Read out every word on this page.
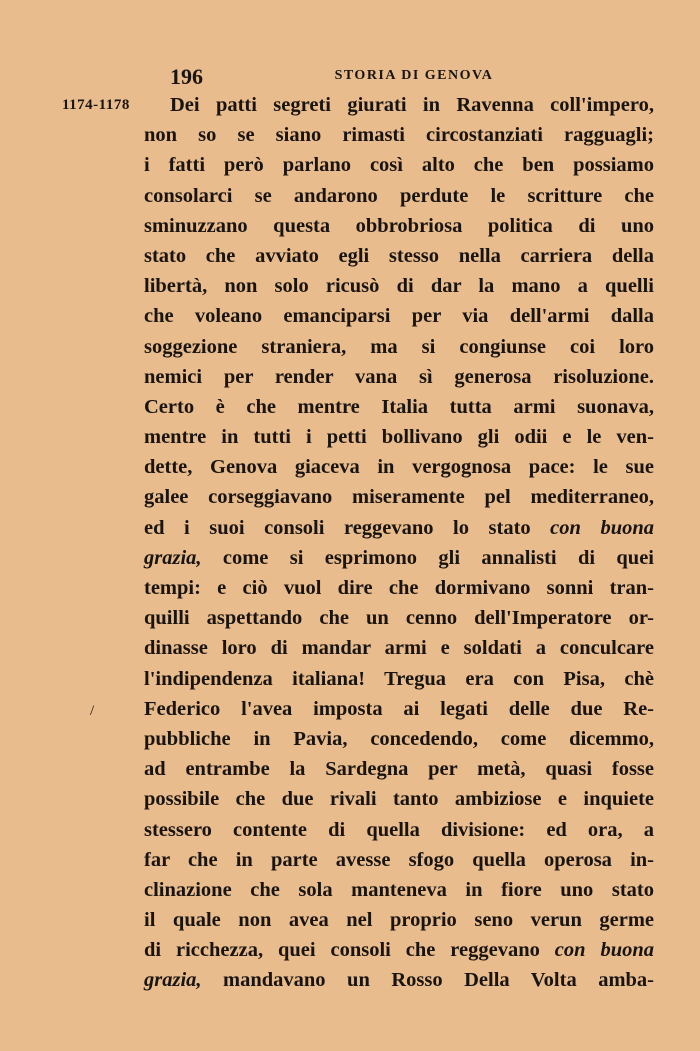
196	STORIA DI GENOVA
1174-1178
/
Dei patti segreti giurati in Ravenna coll'impero,
non so se siano rimasti circostanziati ragguagli;
i fatti però parlano così alto che ben possiamo
consolarci se andarono perdute le scritture che
sminuzzano questa obbrobriosa politica di uno
stato che avviato egli stesso nella carriera della
libertà, non solo ricusò di dar la mano a quelli
che voleano emanciparsi per via dell'armi dalla
soggezione straniera, ma si congiunse coi loro
nemici per render vana sì generosa risoluzione.
Certo è che mentre Italia tutta armi suonava,
mentre in tutti i petti bollivano gli odii e le ven-
dette, Genova giaceva in vergognosa pace: le sue
galee corseggiavano miseramente pel mediterraneo,
ed i suoi consoli reggevano lo stato con buona
grazia, come si esprimono gli annalisti di quei
tempi: e ciò vuol dire che dormivano sonni tran-
quilli aspettando che un cenno dell'Imperatore or-
dinasse loro di mandar armi e soldati a conculcare
l'indipendenza italiana! Tregua era con Pisa, chè
Federico l'avea imposta ai legati delle due Re-
pubbliche in Pavia, concedendo, come dicemmo,
ad entrambe la Sardegna per metà, quasi fosse
possibile che due rivali tanto ambiziose e inquiete
stessero contente di quella divisione: ed ora, a
far che in parte avesse sfogo quella operosa in-
clinazione che sola manteneva in fiore uno stato
il quale non avea nel proprio seno verun germe
di ricchezza, quei consoli che reggevano con buona
grazia, mandavano un Rosso Della Volta amba-
